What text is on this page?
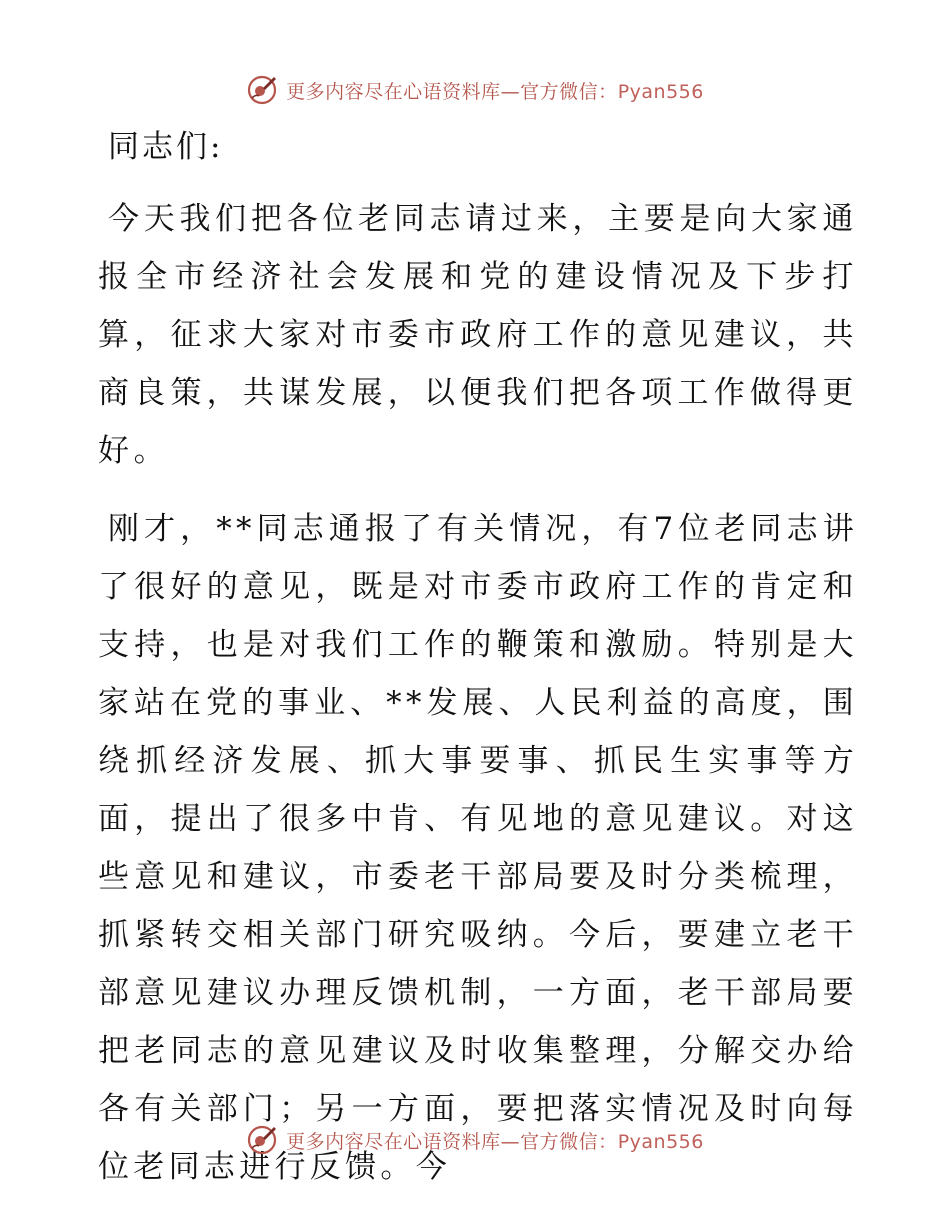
更多内容尽在心语资料库—官方微信：Pyan556
同志们:

今天我们把各位老同志请过来，主要是向大家通报全市经济社会发展和党的建设情况及下步打算，征求大家对市委市政府工作的意见建议，共商良策，共谋发展，以便我们把各项工作做得更好。

刚才，**同志通报了有关情况，有7位老同志讲了很好的意见，既是对市委市政府工作的肯定和支持，也是对我们工作的鞭策和激励。特别是大家站在党的事业、**发展、人民利益的高度，围绕抓经济发展、抓大事要事、抓民生实事等方面，提出了很多中肯、有见地的意见建议。对这些意见和建议，市委老干部局要及时分类梳理，抓紧转交相关部门研究吸纳。今后，要建立老干部意见建议办理反馈机制，一方面，老干部局要把老同志的意见建议及时收集整理，分解交办给各有关部门；另一方面，要把落实情况及时向每位老同志进行反馈。今

更多内容尽在心语资料库—官方微信：Pyan556
